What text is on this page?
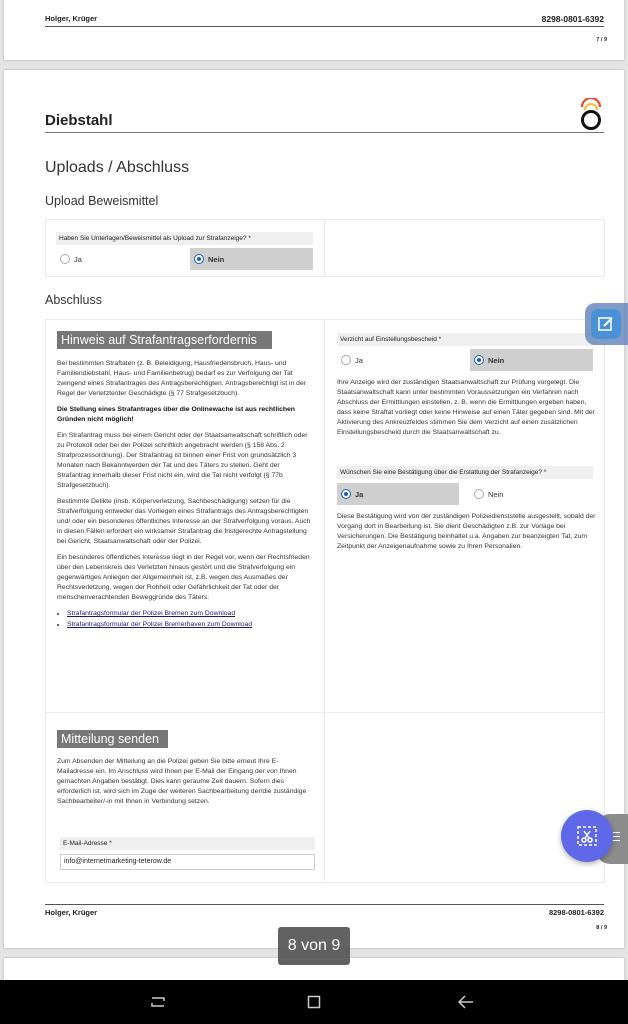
Holger, Krüger	8298-0801-6392
7 / 9
Diebstahl
Uploads / Abschluss
Upload Beweismittel
Haben Sie Unterlagen/Beweismittel als Upload zur Strafanzeige? *
Ja	Nein
Abschluss
Hinweis auf Strafantragserfordernis

Bei bestimmten Straftaten (z. B. Beleidigung, Hausfriedensbruch, Haus- und Familiendiebstahl, Haus- und Familienbetrug) bedarf es zur Verfolgung der Tat zwingend eines Strafantrages des Antragsberechtigten. Antragsberechtigt ist in der Regel der Verletzte/der Geschädigte (§ 77 Strafgesetzbuch).

Die Stellung eines Strafantrages über die Onlinewache ist aus rechtlichen Gründen nicht möglich!

Ein Strafantrag muss bei einem Gericht oder der Staatsanwaltschaft schriftlich oder zu Protokoll oder bei der Polizei schriftlich angebracht werden (§ 158 Abs. 2 Strafprozessordnung). Der Strafantrag ist binnen einer Frist von grundsätzlich 3 Monaten nach Bekanntwerden der Tat und des Täters zu stellen. Geht der Strafantrag innerhalb dieser Frist nicht ein, wird die Tat nicht verfolgt (§ 77b Strafgesetzbuch).

Bestimmte Delikte (insb. Körperverletzung, Sachbeschädigung) setzen für die Strafverfolgung entweder das Vorliegen eines Strafantrags des Antragsberechtigten und/ oder ein besonderes öffentliches Interesse an der Strafverfolgung voraus. Auch in diesen Fällen erfordert ein wirksamer Strafantrag die fristgerechte Antragstellung bei Gericht, Staatsanwaltschaft oder der Polizei.

Ein besonderes öffentliches Interesse liegt in der Regel vor, wenn der Rechtsfrieden über den Lebenskreis des Verletzten hinaus gestört und die Strafverfolgung ein gegenwärtiges Anliegen der Allgemeinheit ist, z.B. wegen des Ausmaßes der Rechtsverletzung, wegen der Rohheit oder Gefährlichkeit der Tat oder der menschenverachtenden Beweggründe des Täters.

• Strafantragsformular der Polizei Bremen zum Download
• Strafantragsformular der Polizei Bremerhaven zum Download
Verzicht auf Einstellungsbescheid *
Ja	Nein
Ihre Anzeige wird der zuständigen Staatsanwaltschaft zur Prüfung vorgelegt. Die Staatsanwaltschaft kann unter bestimmten Voraussetzungen ein Verfahren nach Abschluss der Ermittlungen einstellen, z. B. wenn die Ermittlungen ergeben haben, dass keine Straftat vorliegt oder keine Hinweise auf einen Täter gegeben sind. Mit der Aktivierung des Ankreuzfeldes stimmen Sie dem Verzicht auf einen zusätzlichen Einstellungsbescheid durch die Staatsanwaltschaft zu.
Wünschen Sie eine Bestätigung über die Erstattung der Strafanzeige? *
Ja	Nein
Diese Bestätigung wird von der zuständigen Polizeidienststelle ausgestellt, sobald der Vorgang dort in Bearbeitung ist. Sie dient Geschädigten z.B. zur Vorlage bei Versicherungen. Die Bestätigung beinhaltet u.a. Angaben zur beanzeigten Tat, zum Zeitpunkt der Anzeigenaufnahme sowie zu Ihren Personalien.
Mitteilung senden
Zum Absenden der Mitteilung an die Polizei geben Sie bitte erneut Ihre E-Mailadresse ein. Im Anschluss wird Ihnen per E-Mail der Eingang der von Ihnen gemachten Angaben bestätigt. Dies kann geraume Zeit dauern. Sofern dies erforderlich ist, wird sich im Zuge der weiteren Sachbearbeitung der/die zuständige Sachbearbeiter/-in mit Ihnen in Verbindung setzen.
E-Mail-Adresse *
info@internetmarketing-teterow.de
Holger, Krüger	8298-0801-6392
8 / 9
8 von 9
